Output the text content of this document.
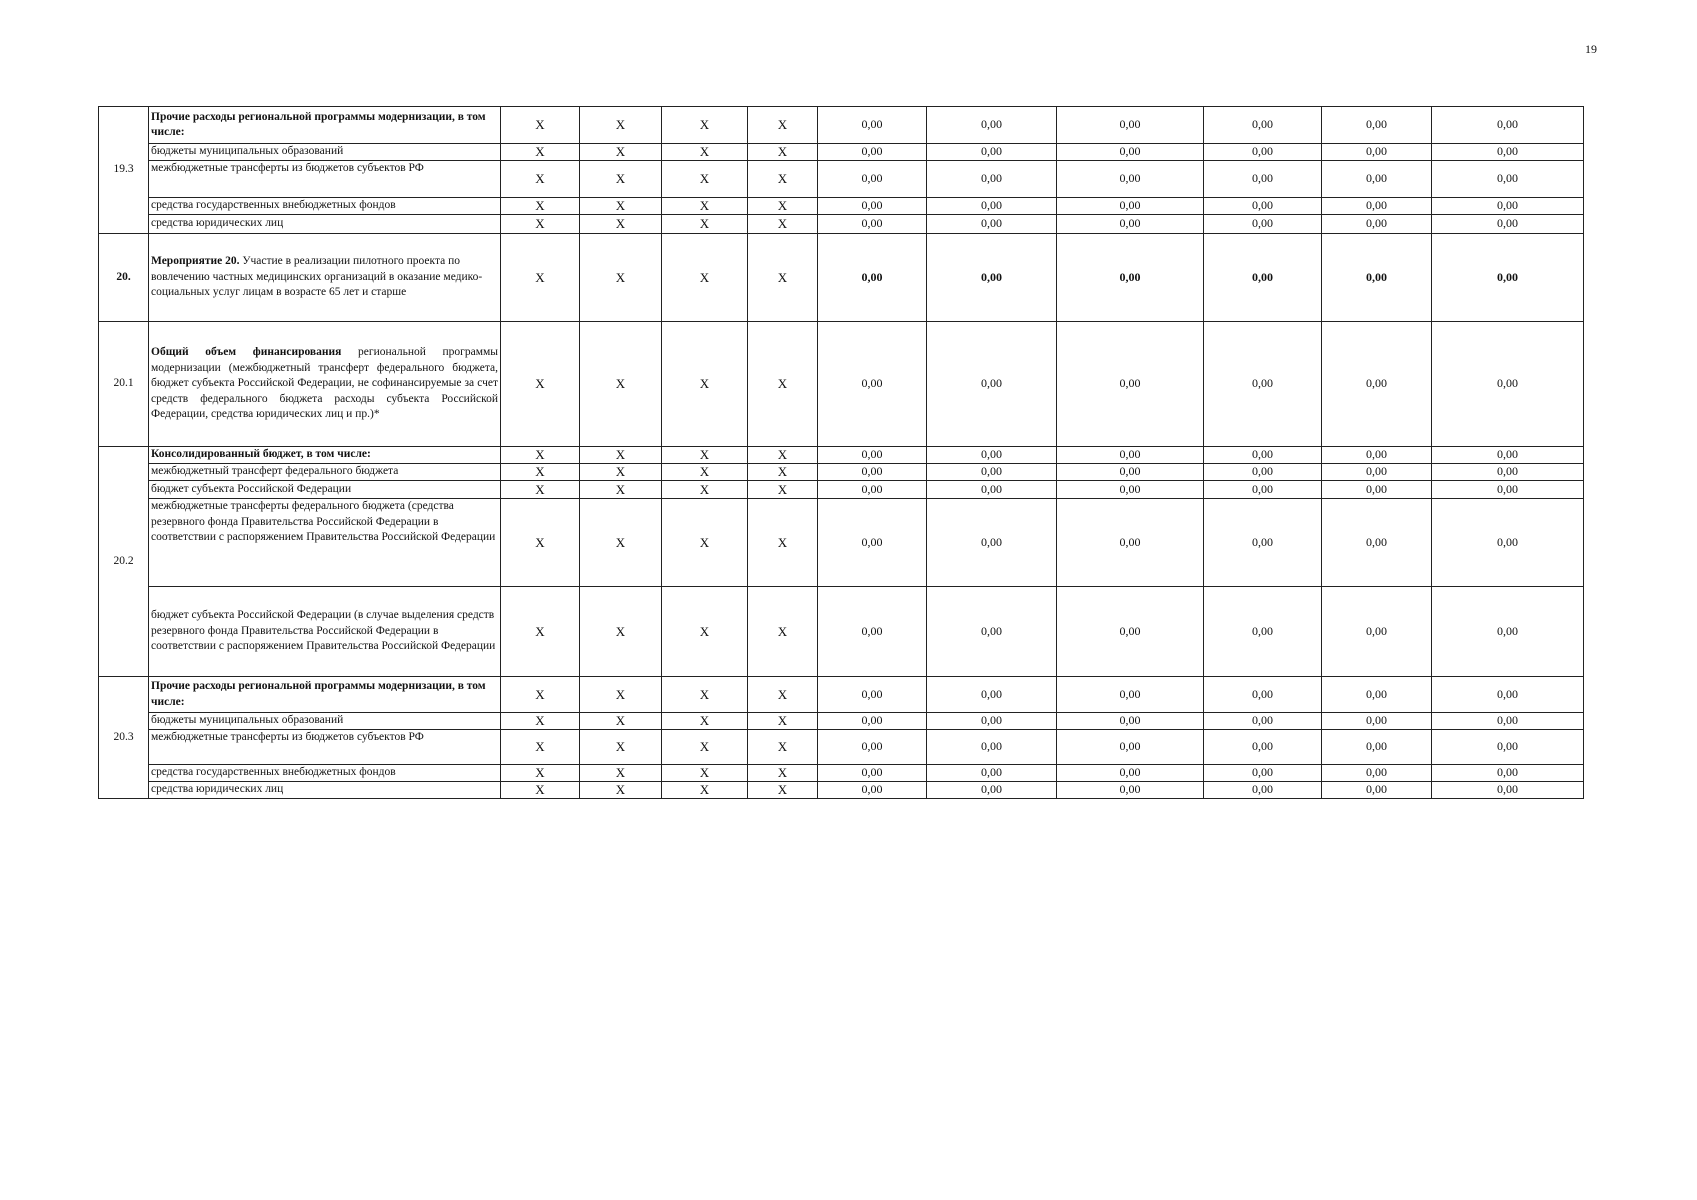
19
19.3	Прочие расходы региональной программы модернизации, в том числе:	X	X	X	X	0,00	0,00	0,00	0,00	0,00	0,00
	бюджеты муниципальных образований	X	X	X	X	0,00	0,00	0,00	0,00	0,00	0,00
	межбюджетные трансферты из бюджетов субъектов РФ	X	X	X	X	0,00	0,00	0,00	0,00	0,00	0,00
	средства государственных внебюджетных фондов	X	X	X	X	0,00	0,00	0,00	0,00	0,00	0,00
	средства юридических лиц	X	X	X	X	0,00	0,00	0,00	0,00	0,00	0,00
20.	Мероприятие 20. Участие в реализации пилотного проекта по вовлечению частных медицинских организаций в оказание медико-социальных услуг лицам в возрасте 65 лет и старше	X	X	X	X	0,00	0,00	0,00	0,00	0,00	0,00
20.1	Общий объем финансирования региональной программы модернизации (межбюджетный трансферт федерального бюджета, бюджет субъекта Российской Федерации, не софинансируемые за счет средств федерального бюджета расходы субъекта Российской Федерации, средства юридических лиц и пр.)*	X	X	X	X	0,00	0,00	0,00	0,00	0,00	0,00
20.2	Консолидированный бюджет, в том числе:	X	X	X	X	0,00	0,00	0,00	0,00	0,00	0,00
	межбюджетный трансферт федерального бюджета	X	X	X	X	0,00	0,00	0,00	0,00	0,00	0,00
	бюджет субъекта Российской Федерации	X	X	X	X	0,00	0,00	0,00	0,00	0,00	0,00
	межбюджетные трансферты федерального бюджета (средства резервного фонда Правительства Российской Федерации в соответствии с распоряжением Правительства Российской Федерации	X	X	X	X	0,00	0,00	0,00	0,00	0,00	0,00
	бюджет субъекта Российской Федерации (в случае выделения средств резервного фонда Правительства Российской Федерации в соответствии с распоряжением Правительства Российской Федерации	X	X	X	X	0,00	0,00	0,00	0,00	0,00	0,00
20.3	Прочие расходы региональной программы модернизации, в том числе:	X	X	X	X	0,00	0,00	0,00	0,00	0,00	0,00
	бюджеты муниципальных образований	X	X	X	X	0,00	0,00	0,00	0,00	0,00	0,00
	межбюджетные трансферты из бюджетов субъектов РФ	X	X	X	X	0,00	0,00	0,00	0,00	0,00	0,00
	средства государственных внебюджетных фондов	X	X	X	X	0,00	0,00	0,00	0,00	0,00	0,00
	средства юридических лиц	X	X	X	X	0,00	0,00	0,00	0,00	0,00	0,00
